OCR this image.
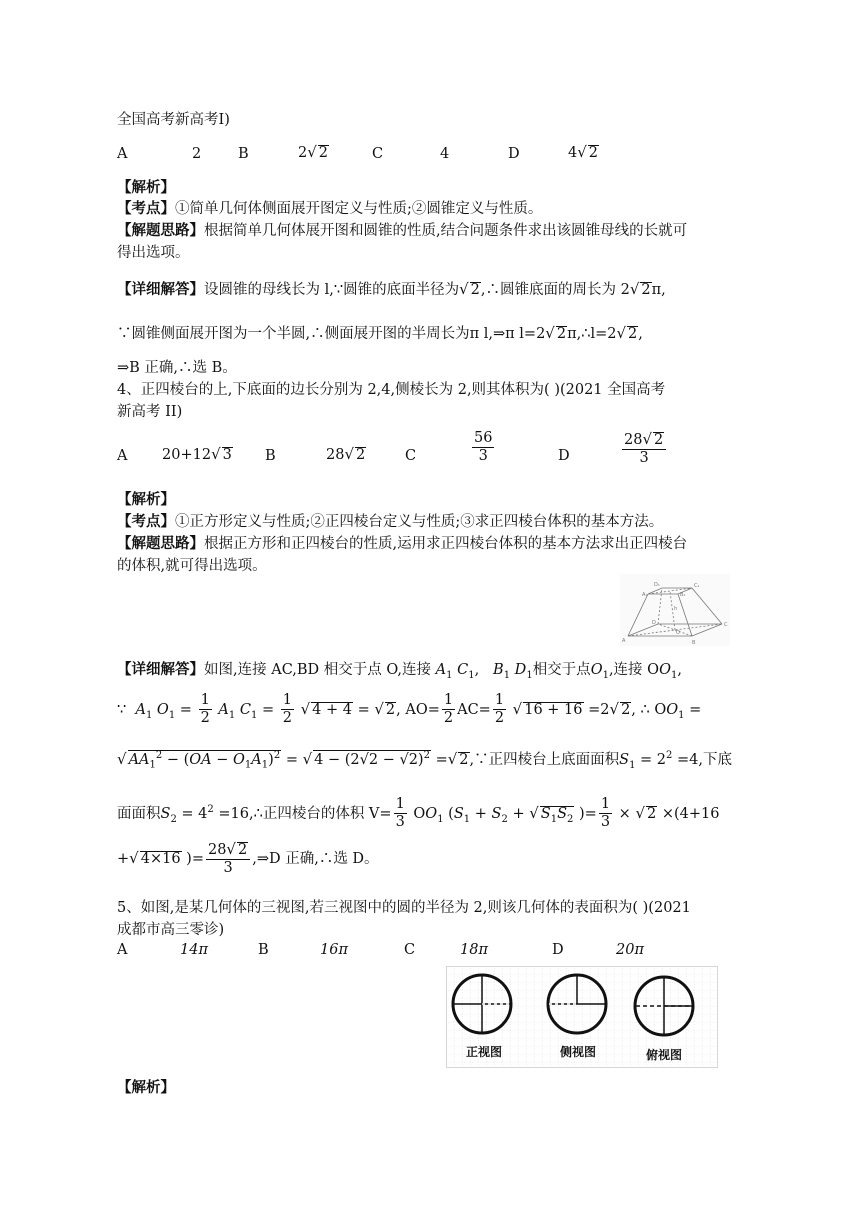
全国高考新高考Ⅰ)
A	2	B	2√ 2	C	4	D	4√ 2
【解析】
【考点】①简单几何体侧面展开图定义与性质;②圆锥定义与性质。
【解题思路】根据简单几何体展开图和圆锥的性质,结合问题条件求出该圆锥母线的长就可
得出选项。
【详细解答】设圆锥的母线长为 l,∵圆锥的底面半径为√ 2,∴圆锥底面的周长为 2√ 2π,
∵圆锥侧面展开图为一个半圆,∴侧面展开图的半周长为π l,⇒π l=2√ 2π,∴l=2√ 2,
⇒B 正确,∴选 B。
4、正四棱台的上,下底面的边长分别为 2,4,侧棱长为 2,则其体积为( )(2021 全国高考
新高考 II)
A 20+12√ 3 B	28√ 2	C	$\frac{56}{3}$	D	$\frac{28√ 2}{3}$
【解析】
【考点】①正方形定义与性质;②正四棱台定义与性质;③求正四棱台体积的基本方法。
【解题思路】根据正方形和正四棱台的性质,运用求正四棱台体积的基本方法求出正四棱台
的体积,就可得出选项。
D₁	C₁
A₁	B₁
A	B
C
D
h
O
【详细解答】如图,连接 AC,BD 相交于点 O,连接 $A_1$ $C_1$,   $B_1$ $D_1$相交于点$O_1$,连接 $OO_1$,
∵ $A_1$ $O_1 = \frac{1}{2} A_1$ $C_1 = \frac{1}{2}$ √ 4 + 4 = √ 2, $AO= \frac{1}{2} AC= \frac{1}{2}$ √ 16 + 16 =2√ 2, ∴ $OO_1$ =
√ $AA_1^2 - (OA - O_1A_1)^2$ = √ $4 - (2√2 - √2)^2$ =√ 2,∵正四棱台上底面面积$S_1 = 2^2 =4$,下底
面面积$S_2 = 4^2$ =16,∴正四棱台的体积 $V= \frac{1}{3} OO_1$ ($S_1 + S_2$ + √ $S_1S_2$ )= $\frac{1}{3}$ × √ 2 ×(4+16
+√ 4×16 )= $\frac{28√ 2}{3}$ ,⇒D 正确,∴选 D。
5、如图,是某几何体的三视图,若三视图中的圆的半径为 2,则该几何体的表面积为( )(2021
成都市高三零诊)
A	14π	B	16π	C	18π	D	20π
正视图	侧视图	俯视图
【解析】
